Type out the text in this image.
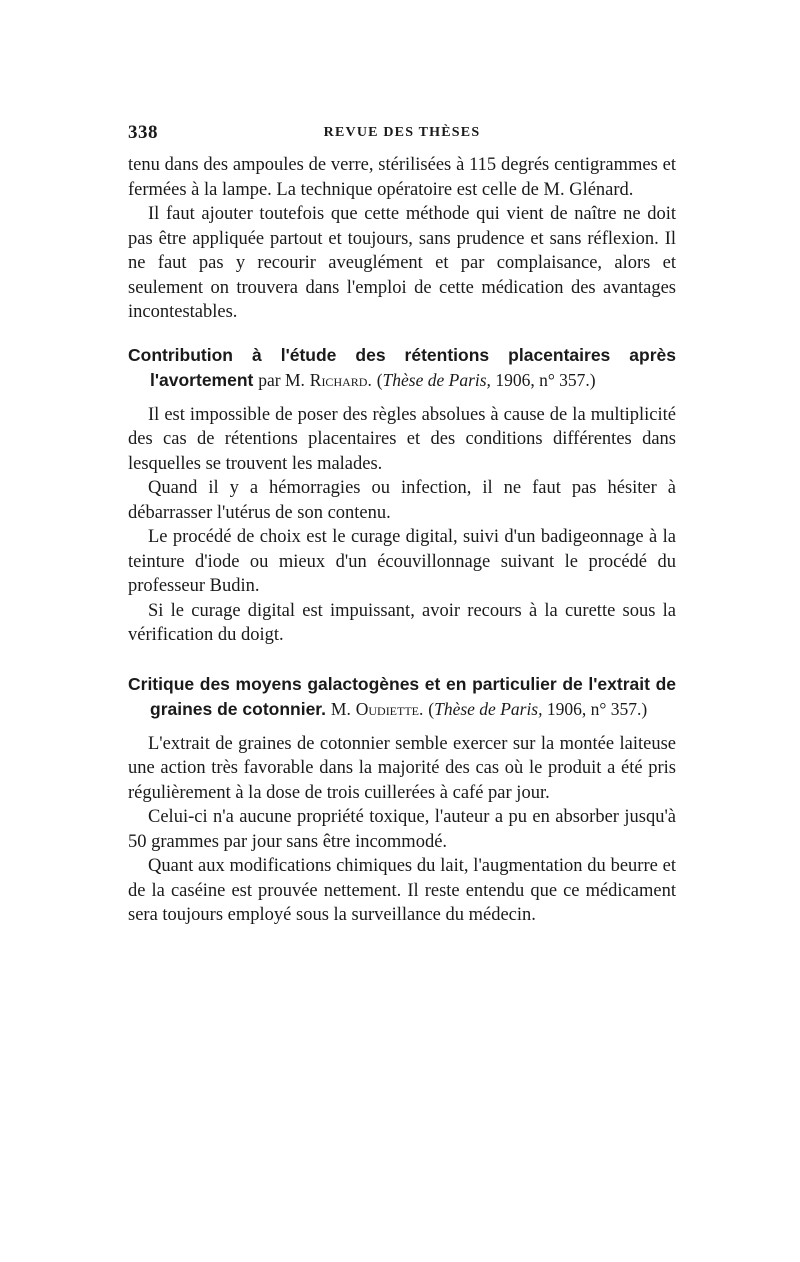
338	REVUE DES THÈSES

tenu dans des ampoules de verre, stérilisées à 115 degrés centigrammes et fermées à la lampe. La technique opératoire est celle de M. Glénard.

Il faut ajouter toutefois que cette méthode qui vient de naître ne doit pas être appliquée partout et toujours, sans prudence et sans réflexion. Il ne faut pas y recourir aveuglément et par complaisance, alors et seulement on trouvera dans l'emploi de cette médication des avantages incontestables.

Contribution à l'étude des rétentions placentaires après l'avortement par M. Richard. (Thèse de Paris, 1906, n° 357.)

Il est impossible de poser des règles absolues à cause de la multiplicité des cas de rétentions placentaires et des conditions différentes dans lesquelles se trouvent les malades.

Quand il y a hémorragies ou infection, il ne faut pas hésiter à débarrasser l'utérus de son contenu.

Le procédé de choix est le curage digital, suivi d'un badigeonnage à la teinture d'iode ou mieux d'un écouvillonnage suivant le procédé du professeur Budin.

Si le curage digital est impuissant, avoir recours à la curette sous la vérification du doigt.

Critique des moyens galactogènes et en particulier de l'extrait de graines de cotonnier. M. Oudiette. (Thèse de Paris, 1906, n° 357.)

L'extrait de graines de cotonnier semble exercer sur la montée laiteuse une action très favorable dans la majorité des cas où le produit a été pris régulièrement à la dose de trois cuillerées à café par jour.

Celui-ci n'a aucune propriété toxique, l'auteur a pu en absorber jusqu'à 50 grammes par jour sans être incommodé.

Quant aux modifications chimiques du lait, l'augmentation du beurre et de la caséine est prouvée nettement. Il reste entendu que ce médicament sera toujours employé sous la surveillance du médecin.
